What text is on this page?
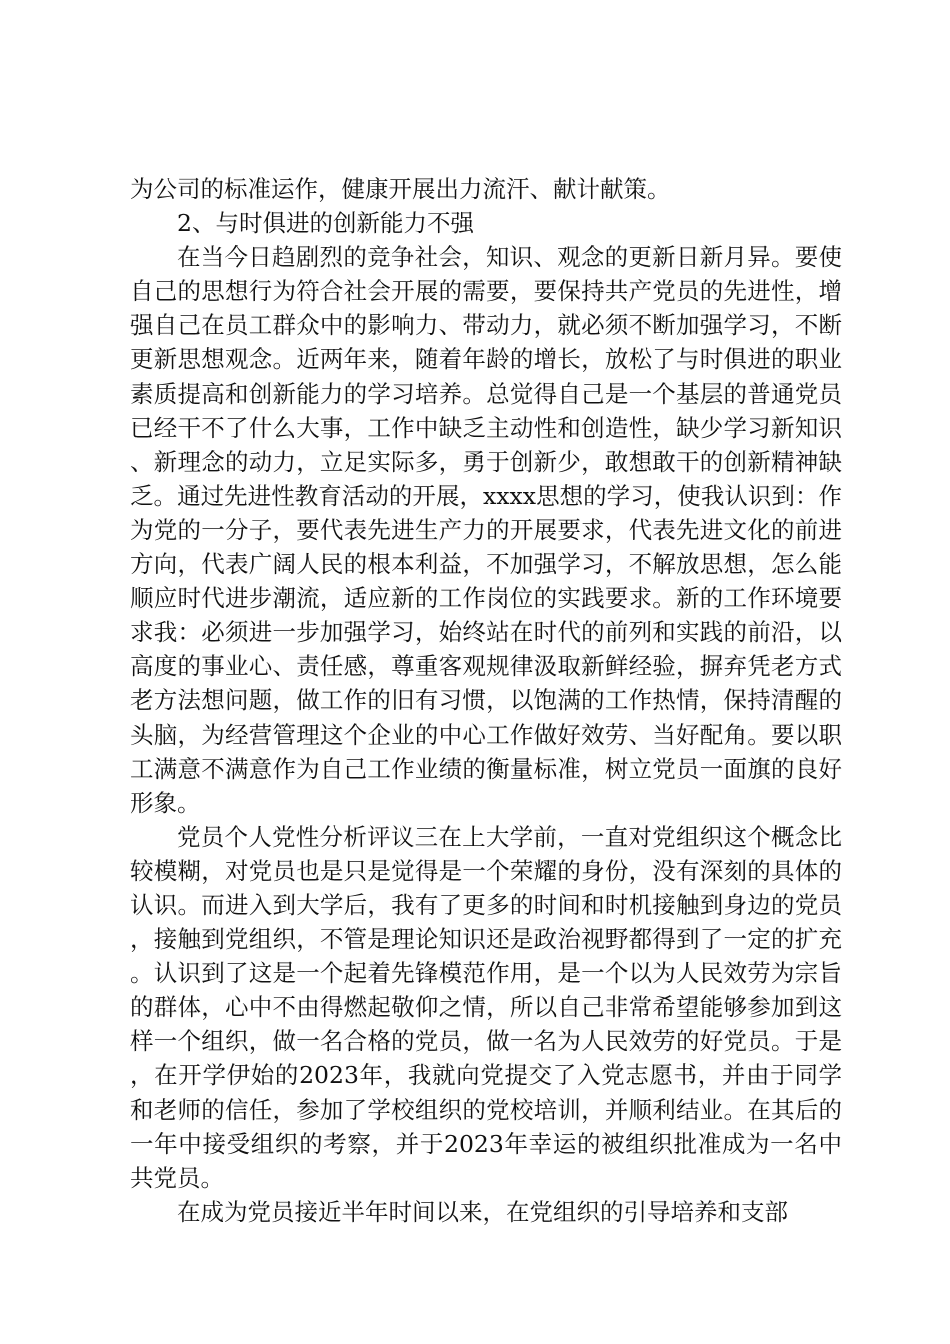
为公司的标准运作，健康开展出力流汗、献计献策。

2、与时俱进的创新能力不强

在当今日趋剧烈的竞争社会，知识、观念的更新日新月异。要使自己的思想行为符合社会开展的需要，要保持共产党员的先进性，增强自己在员工群众中的影响力、带动力，就必须不断加强学习，不断更新思想观念。近两年来，随着年龄的增长，放松了与时俱进的职业素质提高和创新能力的学习培养。总觉得自己是一个基层的普通党员已经干不了什么大事，工作中缺乏主动性和创造性，缺少学习新知识、新理念的动力，立足实际多，勇于创新少，敢想敢干的创新精神缺乏。通过先进性教育活动的开展，xxxx思想的学习，使我认识到：作为党的一分子，要代表先进生产力的开展要求，代表先进文化的前进方向，代表广阔人民的根本利益，不加强学习，不解放思想，怎么能顺应时代进步潮流，适应新的工作岗位的实践要求。新的工作环境要求我：必须进一步加强学习，始终站在时代的前列和实践的前沿，以高度的事业心、责任感，尊重客观规律汲取新鲜经验，摒弃凭老方式老方法想问题，做工作的旧有习惯，以饱满的工作热情，保持清醒的头脑，为经营管理这个企业的中心工作做好效劳、当好配角。要以职工满意不满意作为自己工作业绩的衡量标准，树立党员一面旗的良好形象。

党员个人党性分析评议三在上大学前，一直对党组织这个概念比较模糊，对党员也是只是觉得是一个荣耀的身份，没有深刻的具体的认识。而进入到大学后，我有了更多的时间和时机接触到身边的党员，接触到党组织，不管是理论知识还是政治视野都得到了一定的扩充。认识到了这是一个起着先锋模范作用，是一个以为人民效劳为宗旨的群体，心中不由得燃起敬仰之情，所以自己非常希望能够参加到这样一个组织，做一名合格的党员，做一名为人民效劳的好党员。于是，在开学伊始的2023年，我就向党提交了入党志愿书，并由于同学和老师的信任，参加了学校组织的党校培训，并顺利结业。在其后的一年中接受组织的考察，并于2023年幸运的被组织批准成为一名中共党员。

在成为党员接近半年时间以来，在党组织的引导培养和支部
